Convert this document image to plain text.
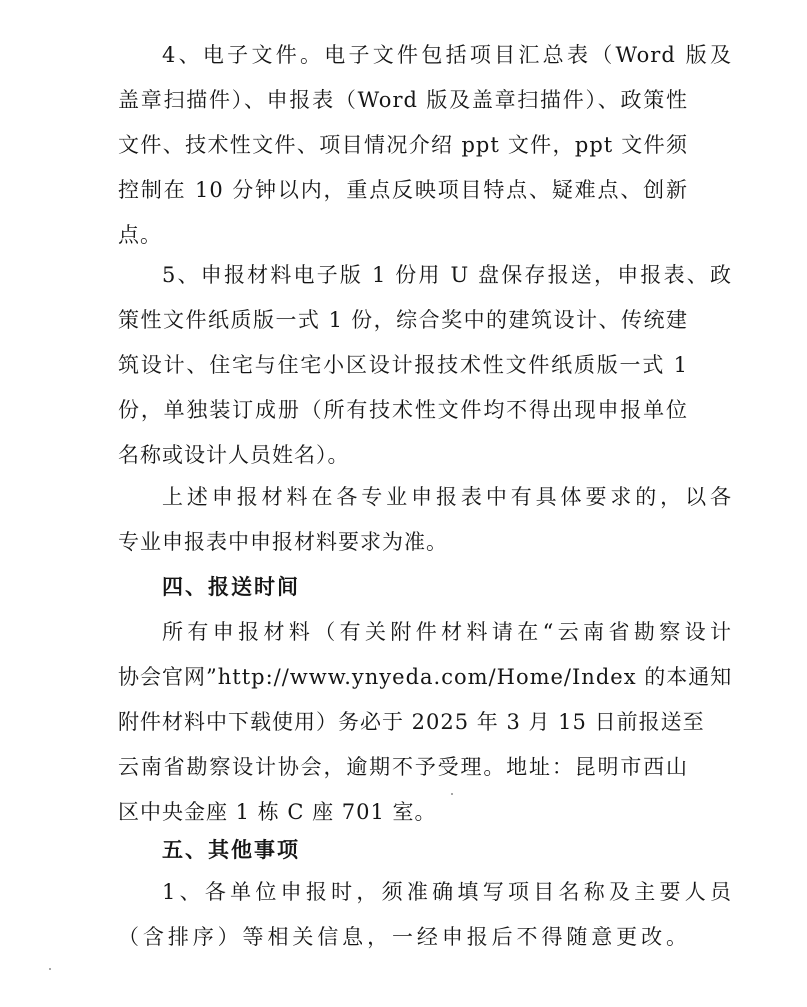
4、电子文件。电子文件包括项目汇总表（Word 版及
盖章扫描件）、申报表（Word 版及盖章扫描件）、政策性
文件、技术性文件、项目情况介绍 ppt 文件，ppt 文件须
控制在 10 分钟以内，重点反映项目特点、疑难点、创新
点。
5、申报材料电子版 1 份用 U 盘保存报送，申报表、政
策性文件纸质版一式 1 份，综合奖中的建筑设计、传统建
筑设计、住宅与住宅小区设计报技术性文件纸质版一式 1
份，单独装订成册（所有技术性文件均不得出现申报单位
名称或设计人员姓名）。
上述申报材料在各专业申报表中有具体要求的，以各
专业申报表中申报材料要求为准。
四、报送时间
所有申报材料（有关附件材料请在“云南省勘察设计
协会官网”http://www.ynyeda.com/Home/Index 的本通知
附件材料中下载使用）务必于 2025 年 3 月 15 日前报送至
云南省勘察设计协会，逾期不予受理。地址：昆明市西山
区中央金座 1 栋 C 座 701 室。
五、其他事项
1、各单位申报时，须准确填写项目名称及主要人员
（含排序）等相关信息，一经申报后不得随意更改。
